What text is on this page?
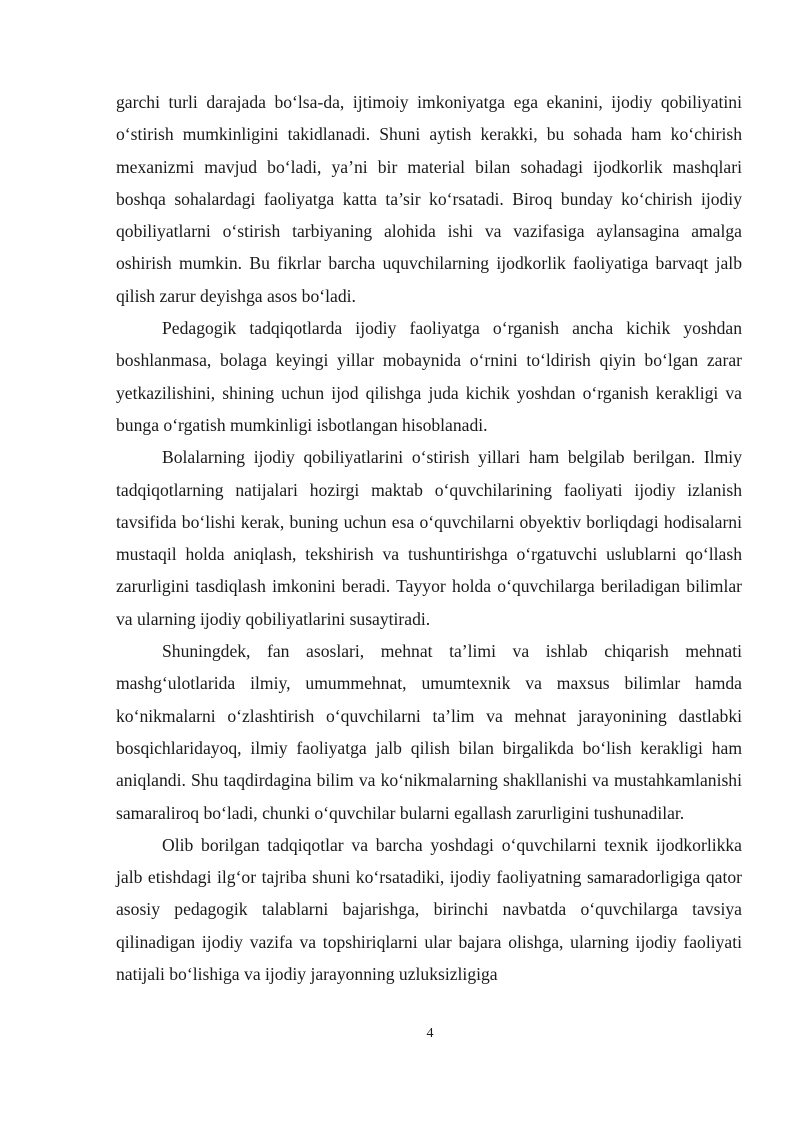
garchi turli darajada bo‘lsa-da, ijtimoiy imkoniyatga ega ekanini, ijodiy qobiliyatini o‘stirish mumkinligini takidlanadi. Shuni aytish kerakki, bu sohada ham ko‘chirish mexanizmi mavjud bo‘ladi, ya’ni bir material bilan sohadagi ijodkorlik mashqlari boshqa sohalardagi faoliyatga katta ta’sir ko‘rsatadi. Biroq bunday ko‘chirish ijodiy qobiliyatlarni o‘stirish tarbiyaning alohida ishi va vazifasiga aylansagina amalga oshirish mumkin. Bu fikrlar barcha uquvchilarning ijodkorlik faoliyatiga barvaqt jalb qilish zarur deyishga asos bo‘ladi.

Pedagogik tadqiqotlarda ijodiy faoliyatga o‘rganish ancha kichik yoshdan boshlanmasa, bolaga keyingi yillar mobaynida o‘rnini to‘ldirish qiyin bo‘lgan zarar yetkazilishini, shining uchun ijod qilishga juda kichik yoshdan o‘rganish kerakligi va bunga o‘rgatish mumkinligi isbotlangan hisoblanadi.

Bolalarning ijodiy qobiliyatlarini o‘stirish yillari ham belgilab berilgan. Ilmiy tadqiqotlarning natijalari hozirgi maktab o‘quvchilarining faoliyati ijodiy izlanish tavsifida bo‘lishi kerak, buning uchun esa o‘quvchilarni obyektiv borliqdagi hodisalarni mustaqil holda aniqlash, tekshirish va tushuntirishga o‘rgatuvchi uslublarni qo‘llash zarurligini tasdiqlash imkonini beradi. Tayyor holda o‘quvchilarga beriladigan bilimlar va ularning ijodiy qobiliyatlarini susaytiradi.

Shuningdek, fan asoslari, mehnat ta’limi va ishlab chiqarish mehnati mashg‘ulotlarida ilmiy, umummehnat, umumtexnik va maxsus bilimlar hamda ko‘nikmalarni o‘zlashtirish o‘quvchilarni ta’lim va mehnat jarayonining dastlabki bosqichlaridayoq, ilmiy faoliyatga jalb qilish bilan birgalikda bo‘lish kerakligi ham aniqlandi. Shu taqdirdagina bilim va ko‘nikmalarning shakllanishi va mustahkamlanishi samaraliroq bo‘ladi, chunki o‘quvchilar bularni egallash zarurligini tushunadilar.

Olib borilgan tadqiqotlar va barcha yoshdagi o‘quvchilarni texnik ijodkorlikka jalb etishdagi ilg‘or tajriba shuni ko‘rsatadiki, ijodiy faoliyatning samaradorligiga qator asosiy pedagogik talablarni bajarishga, birinchi navbatda o‘quvchilarga tavsiya qilinadigan ijodiy vazifa va topshiriqlarni ular bajara olishga, ularning ijodiy faoliyati natijali bo‘lishiga va ijodiy jarayonning uzluksizligiga

4
